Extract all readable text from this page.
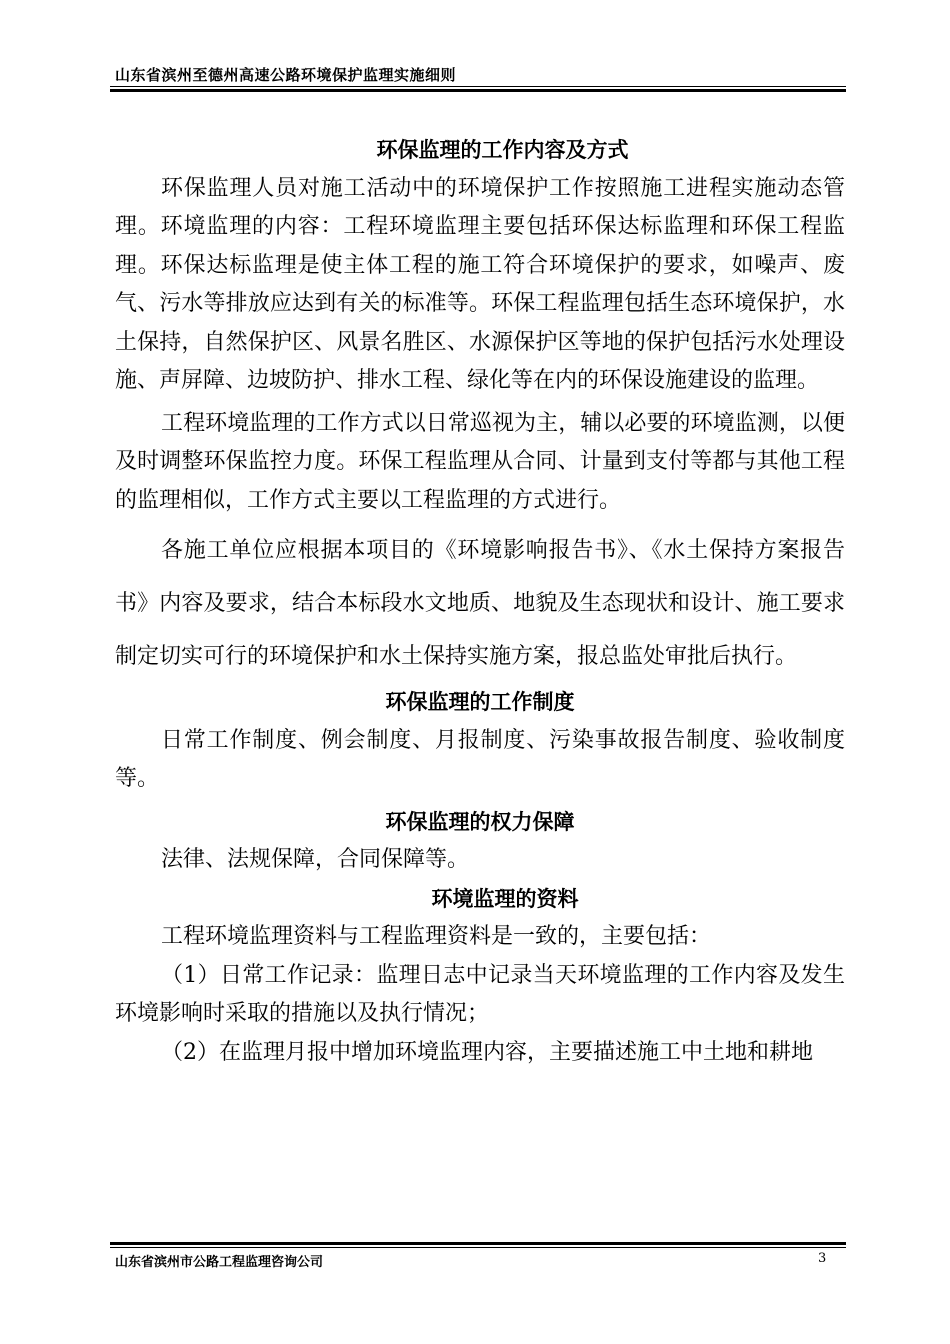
山东省滨州至德州高速公路环境保护监理实施细则
环保监理的工作内容及方式

环保监理人员对施工活动中的环境保护工作按照施工进程实施动态管理。环境监理的内容：工程环境监理主要包括环保达标监理和环保工程监理。环保达标监理是使主体工程的施工符合环境保护的要求，如噪声、废气、污水等排放应达到有关的标准等。环保工程监理包括生态环境保护，水土保持，自然保护区、风景名胜区、水源保护区等地的保护包括污水处理设施、声屏障、边坡防护、排水工程、绿化等在内的环保设施建设的监理。

工程环境监理的工作方式以日常巡视为主，辅以必要的环境监测，以便及时调整环保监控力度。环保工程监理从合同、计量到支付等都与其他工程的监理相似，工作方式主要以工程监理的方式进行。

各施工单位应根据本项目的《环境影响报告书》、《水土保持方案报告书》内容及要求，结合本标段水文地质、地貌及生态现状和设计、施工要求制定切实可行的环境保护和水土保持实施方案，报总监处审批后执行。

环保监理的工作制度

日常工作制度、例会制度、月报制度、污染事故报告制度、验收制度等。

环保监理的权力保障

法律、法规保障，合同保障等。

环境监理的资料

工程环境监理资料与工程监理资料是一致的，主要包括：

（1）日常工作记录：监理日志中记录当天环境监理的工作内容及发生环境影响时采取的措施以及执行情况；

（2）在监理月报中增加环境监理内容，主要描述施工中土地和耕地

山东省滨州市公路工程监理咨询公司	3
